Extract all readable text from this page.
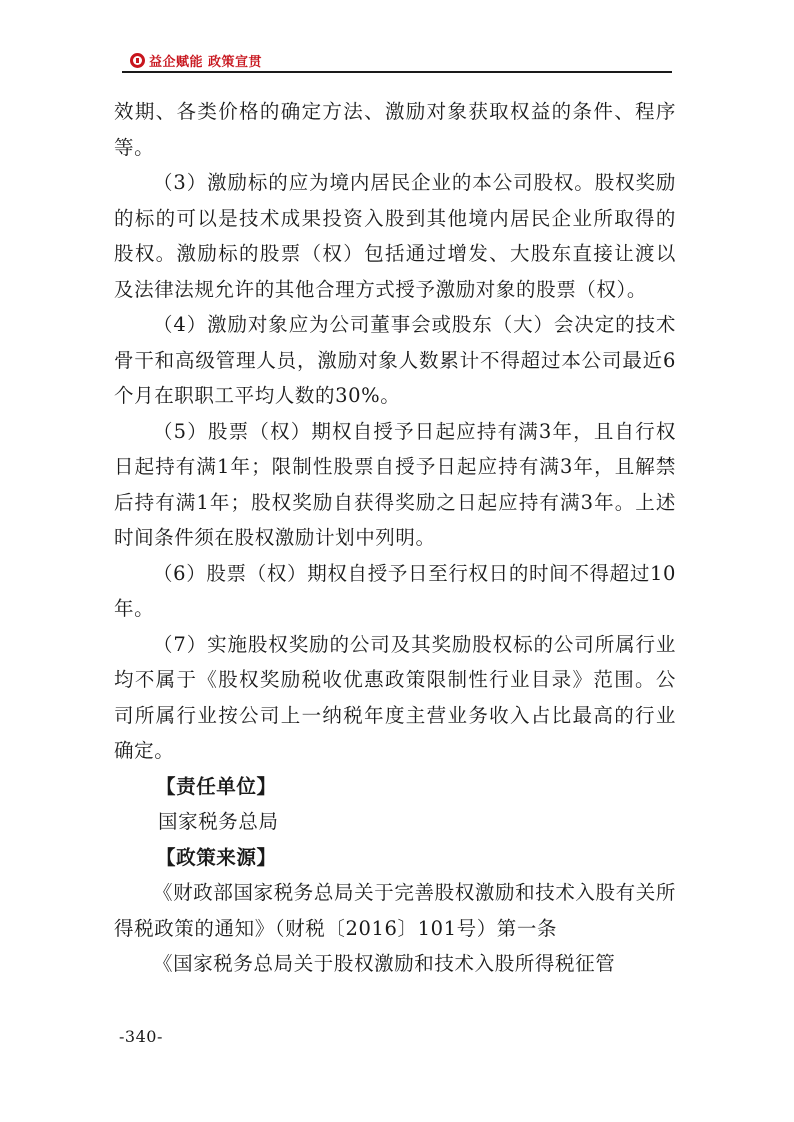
益企赋能 政策宣贯

效期、各类价格的确定方法、激励对象获取权益的条件、程序等。

（3）激励标的应为境内居民企业的本公司股权。股权奖励的标的可以是技术成果投资入股到其他境内居民企业所取得的股权。激励标的股票（权）包括通过增发、大股东直接让渡以及法律法规允许的其他合理方式授予激励对象的股票（权）。

（4）激励对象应为公司董事会或股东（大）会决定的技术骨干和高级管理人员，激励对象人数累计不得超过本公司最近6个月在职职工平均人数的30%。

（5）股票（权）期权自授予日起应持有满3年，且自行权日起持有满1年；限制性股票自授予日起应持有满3年，且解禁后持有满1年；股权奖励自获得奖励之日起应持有满3年。上述时间条件须在股权激励计划中列明。

（6）股票（权）期权自授予日至行权日的时间不得超过10年。

（7）实施股权奖励的公司及其奖励股权标的公司所属行业均不属于《股权奖励税收优惠政策限制性行业目录》范围。公司所属行业按公司上一纳税年度主营业务收入占比最高的行业确定。

【责任单位】

国家税务总局

【政策来源】

《财政部国家税务总局关于完善股权激励和技术入股有关所得税政策的通知》（财税〔2016〕101号）第一条

《国家税务总局关于股权激励和技术入股所得税征管

-340-
